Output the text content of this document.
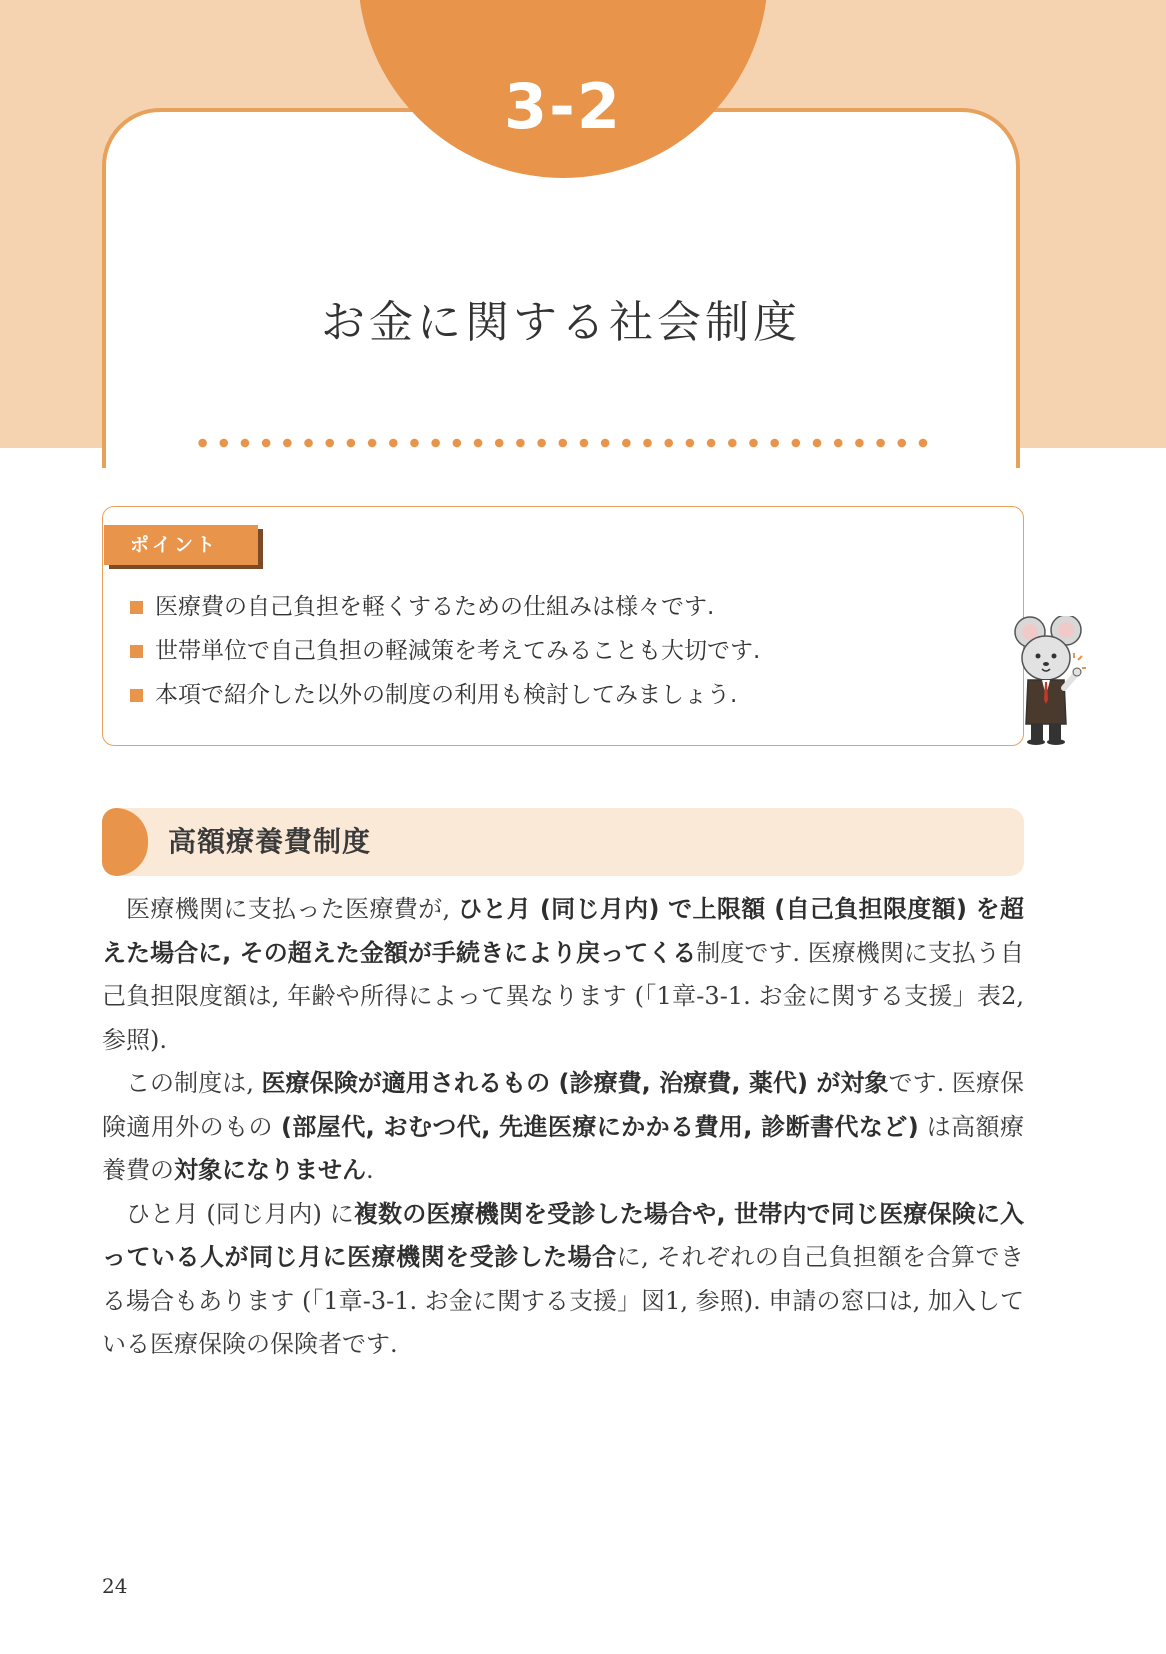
3-2
お金に関する社会制度
ポイント
医療費の自己負担を軽くするための仕組みは様々です.
世帯単位で自己負担の軽減策を考えてみることも大切です.
本項で紹介した以外の制度の利用も検討してみましょう.
高額療養費制度

医療機関に支払った医療費が, ひと月 (同じ月内) で上限額 (自己負担限度額) を超えた場合に, その超えた金額が手続きにより戻ってくる制度です. 医療機関に支払う自己負担限度額は, 年齢や所得によって異なります (「1章-3-1. お金に関する支援」表2, 参照).

この制度は, 医療保険が適用されるもの (診療費, 治療費, 薬代) が対象です. 医療保険適用外のもの (部屋代, おむつ代, 先進医療にかかる費用, 診断書代など) は高額療養費の対象になりません.

ひと月 (同じ月内) に複数の医療機関を受診した場合や, 世帯内で同じ医療保険に入っている人が同じ月に医療機関を受診した場合に, それぞれの自己負担額を合算できる場合もあります (「1章-3-1. お金に関する支援」図1, 参照). 申請の窓口は, 加入している医療保険の保険者です.

24
